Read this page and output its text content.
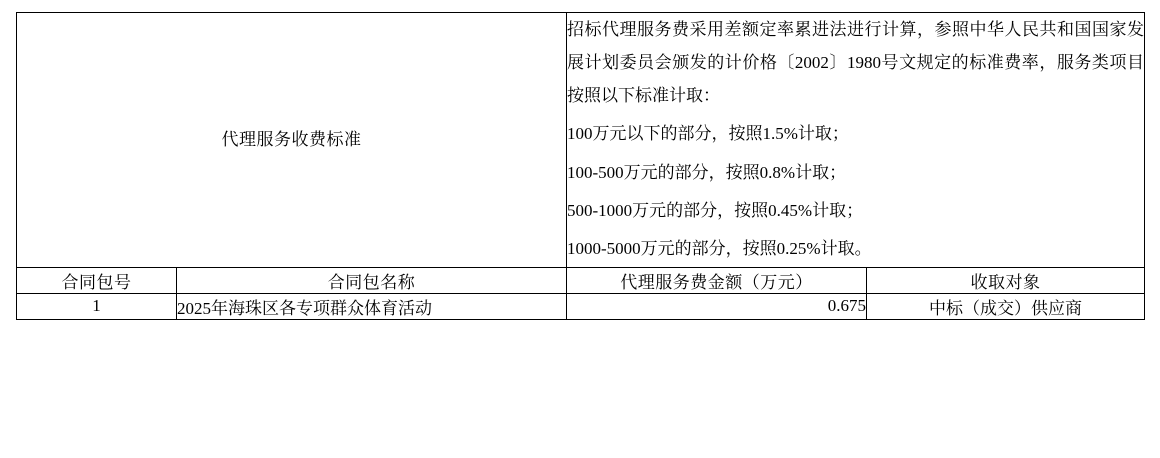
代理服务收费标准		招标代理服务费采用差额定率累进法进行计算，参照中华人民共和国国家发展计划委员会颁发的计价格〔2002〕1980号文规定的标准费率，服务类项目按照以下标准计取：

100万元以下的部分，按照1.5%计取；

100-500万元的部分，按照0.8%计取；

500-1000万元的部分，按照0.45%计取；

1000-5000万元的部分，按照0.25%计取。	

合同包号	合同包名称	代理服务费金额（万元）	收取对象
1	2025年海珠区各专项群众体育活动	0.675	中标（成交）供应商
